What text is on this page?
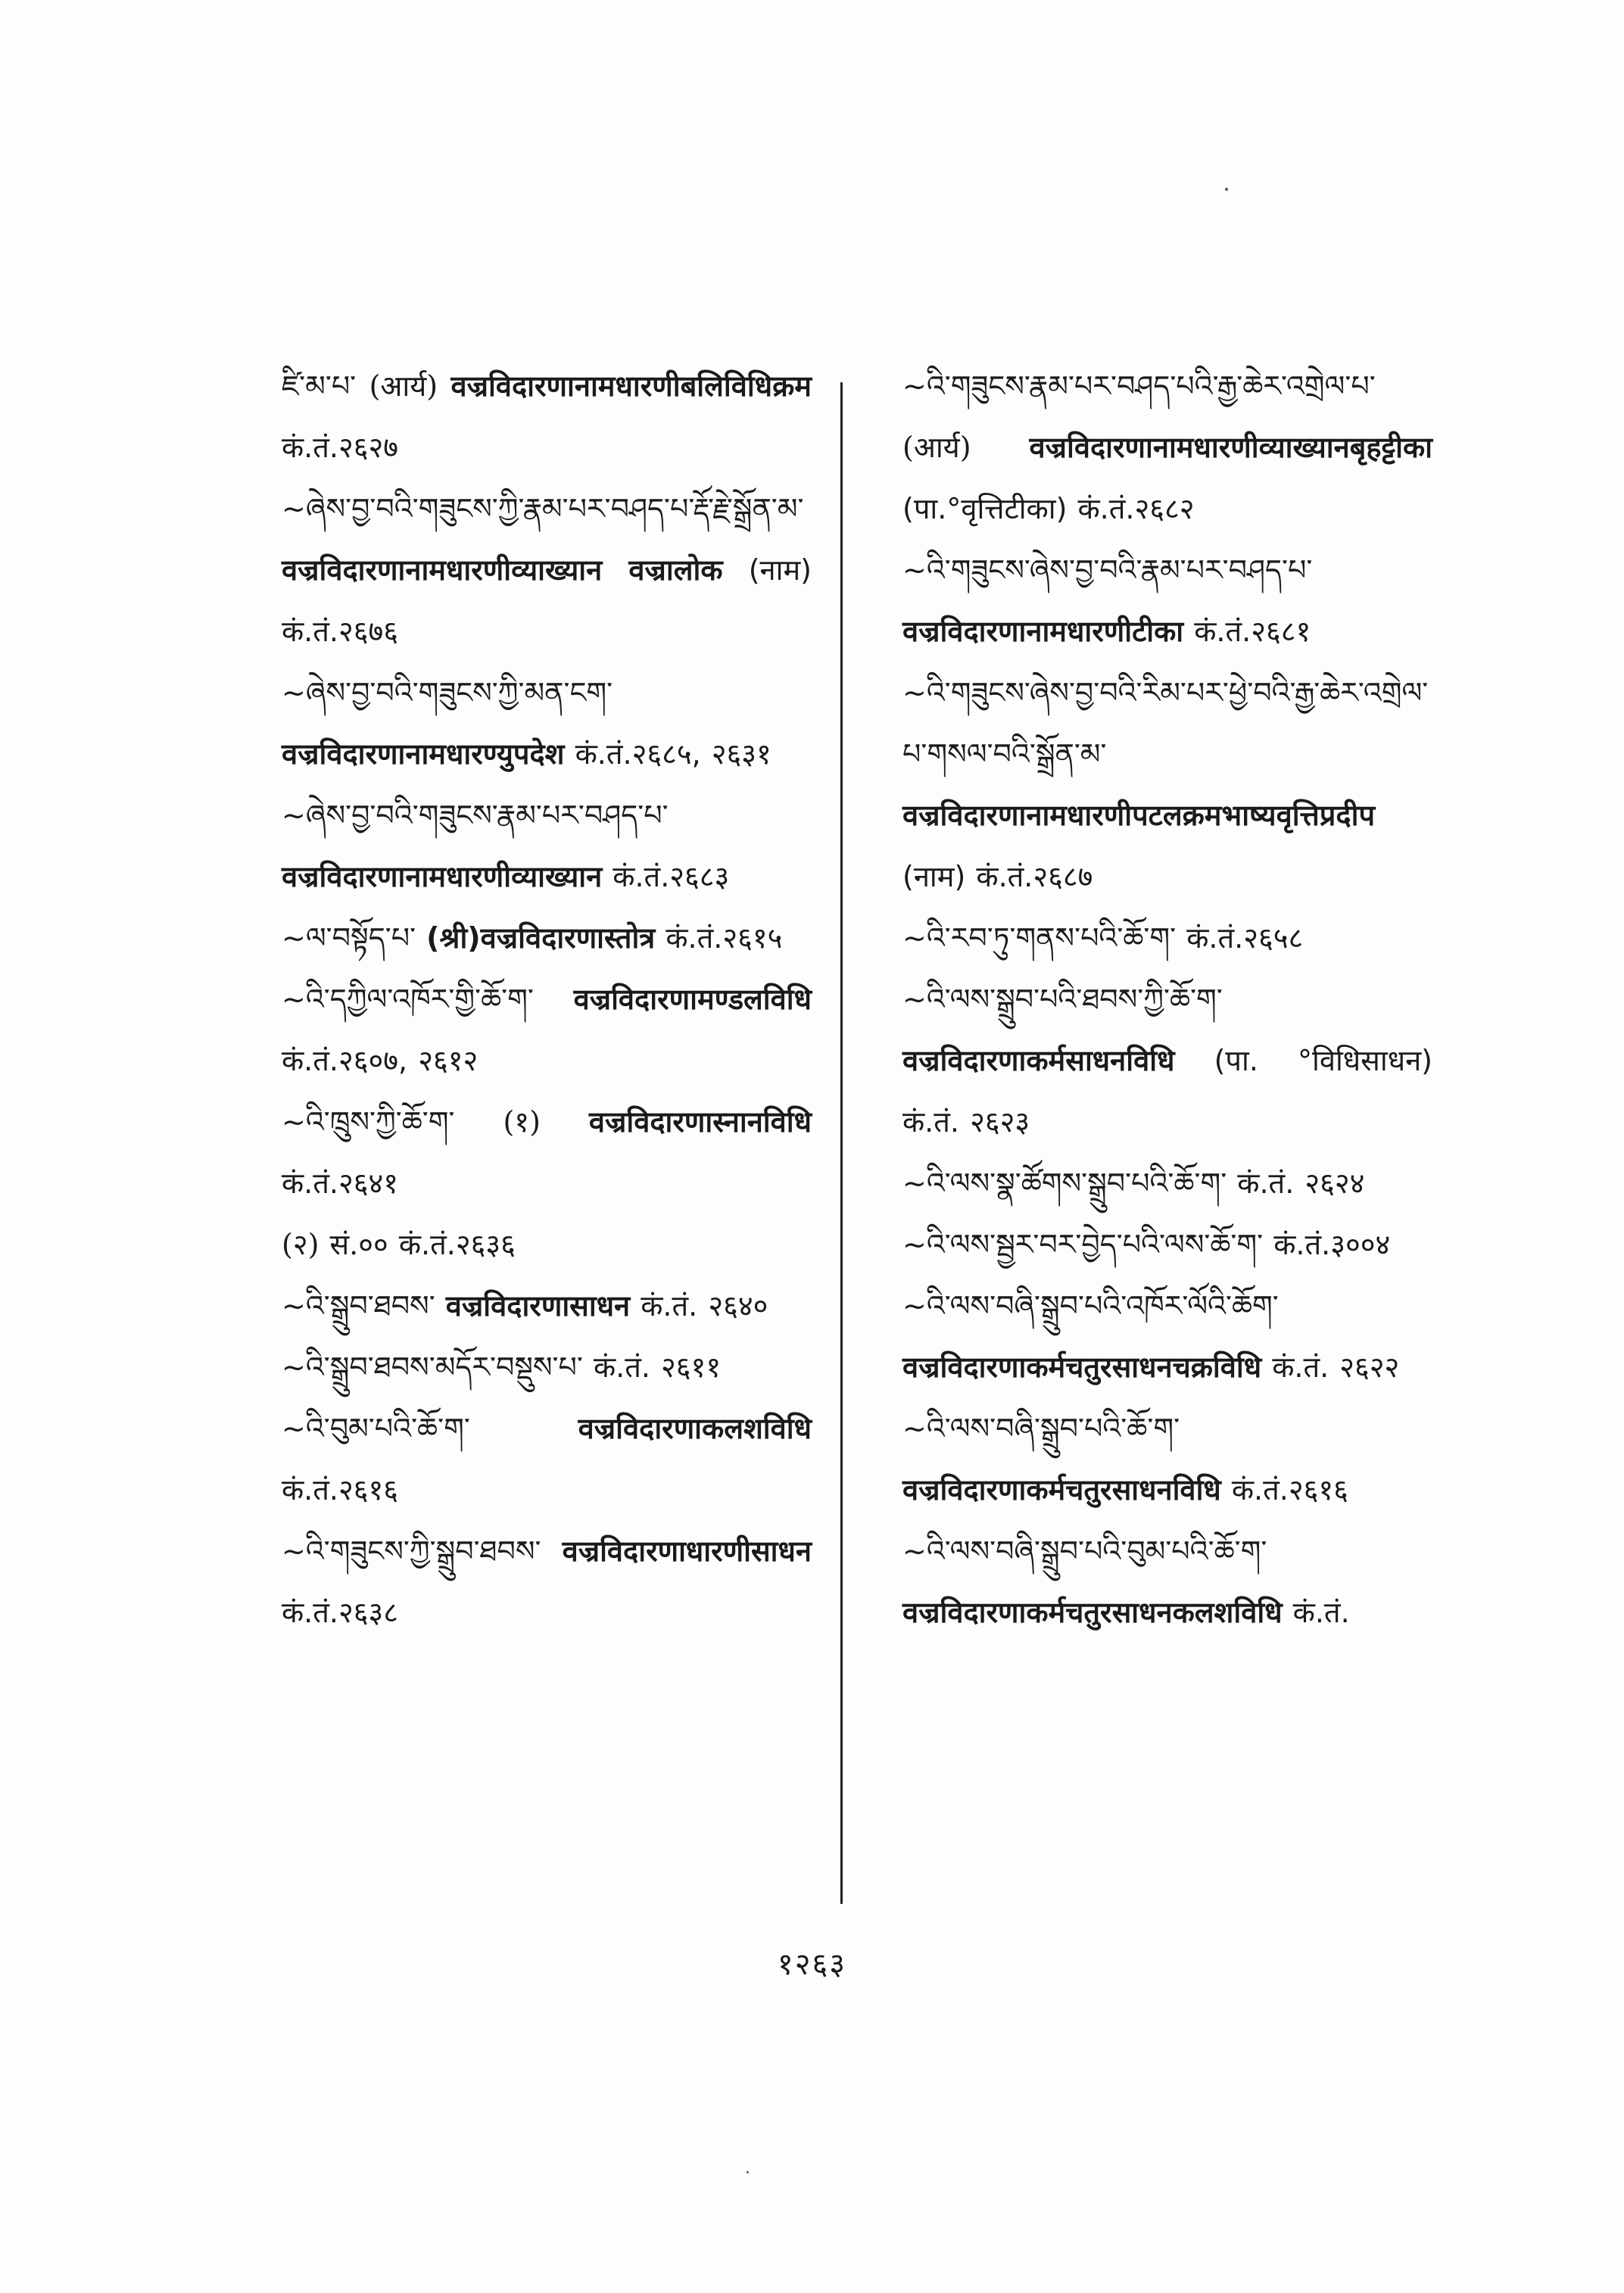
ཛི་མ་པ་ (आर्य) वज्रविदारणानामधारणीबलिविधिक्रम कं.तं.२६२७

~ཞེས་བྱ་བའི་གཟུངས་ཀྱི་རྣམ་པར་བཤད་པ་རྡོ་རྗེ་སྒྲོན་མ་ वज्रविदारणानामधारणीव्याख्यान वज्रालोक (नाम) कं.तं.२६७६

~ཞེས་བྱ་བའི་གཟུངས་ཀྱི་མན་ངག་ वज्रविदारणानामधारण्युपदेश कं.तं.२६८५, २६३१

~ཞེས་བྱ་བའི་གཟུངས་རྣམ་པར་བཤད་པ་ वज्रविदारणानामधारणीव्याख्यान कं.तं.२६८३

~ལ་བསྟོད་པ་ (श्री)वज्रविदारणास्तोत्र कं.तं.२६१५

~འི་དཀྱིལ་འཁོར་གྱི་ཆོ་ག་ वज्रविदारणामण्डलविधि कं.तं.२६०७, २६१२

~འི་ཁྲུས་ཀྱི་ཆོ་ག་ (१) वज्रविदारणास्नानविधि कं.तं.२६४१

(२) सं.०० कं.तं.२६३६

~འི་སྒྲུབ་ཐབས་ वज्रविदारणासाधन कं.तं. २६४०

~འི་སྒྲུབ་ཐབས་མདོར་བསྡུས་པ་ कं.तं. २६११

~འི་བུམ་པའི་ཆོ་ག་	वज्रविदारणाकलशविधि कं.तं.२६१६

~འི་གཟུངས་ཀྱི་སྒྲུབ་ཐབས་ वज्रविदारणाधारणीसाधन कं.तं.२६३८

~འི་གཟུངས་རྣམ་པར་བཤད་པའི་རྒྱ་ཆེར་འགྲེལ་པ་ (आर्य) वज्रविदारणानामधारणीव्याख्यानबृहट्टीका (पा.°वृत्तिटीका) कं.तं.२६८२

~འི་གཟུངས་ཞེས་བྱ་བའི་རྣམ་པར་བཤད་པ་ वज्रविदारणानामधारणीटीका कं.तं.२६८१

~འི་གཟུངས་ཞེས་བྱ་བའི་རིམ་པར་ཕྱེ་བའི་རྒྱ་ཆེར་འགྲེལ་པ་གསལ་བའི་སྒྲོན་མ་ वज्रविदारणानामधारणीपटलक्रमभाष्यवृत्तिप्रदीप (नाम) कं.तं.२६८७

~འི་རབ་ཏུ་གནས་པའི་ཆོ་ག་ कं.तं.२६५८

~འི་ལས་སྒྲུབ་པའི་ཐབས་ཀྱི་ཆོ་ག་ वज्रविदारणाकर्मसाधनविधि (पा. °विधिसाधन) कं.तं. २६२३

~འི་ལས་སྣ་ཚོགས་སྒྲུབ་པའི་ཆོ་ག་ कं.तं. २६२४

~འི་ལས་སྦྱར་བར་བྱེད་པའི་ལས་ཆོ་ག་ कं.तं.३००४

~འི་ལས་བཞི་སྒྲུབ་པའི་འཁོར་ལོའི་ཆོག་ वज्रविदारणाकर्मचतुरसाधनचक्रविधि कं.तं. २६२२

~འི་ལས་བཞི་སྒྲུབ་པའི་ཆོ་ག་ वज्रविदारणाकर्मचतुरसाधनविधि कं.तं.२६१६

~འི་ལས་བཞི་སྒྲུབ་པའི་བུམ་པའི་ཆོ་ག་ वज्रविदारणाकर्मचतुरसाधनकलशविधि कं.तं.

१२६३
